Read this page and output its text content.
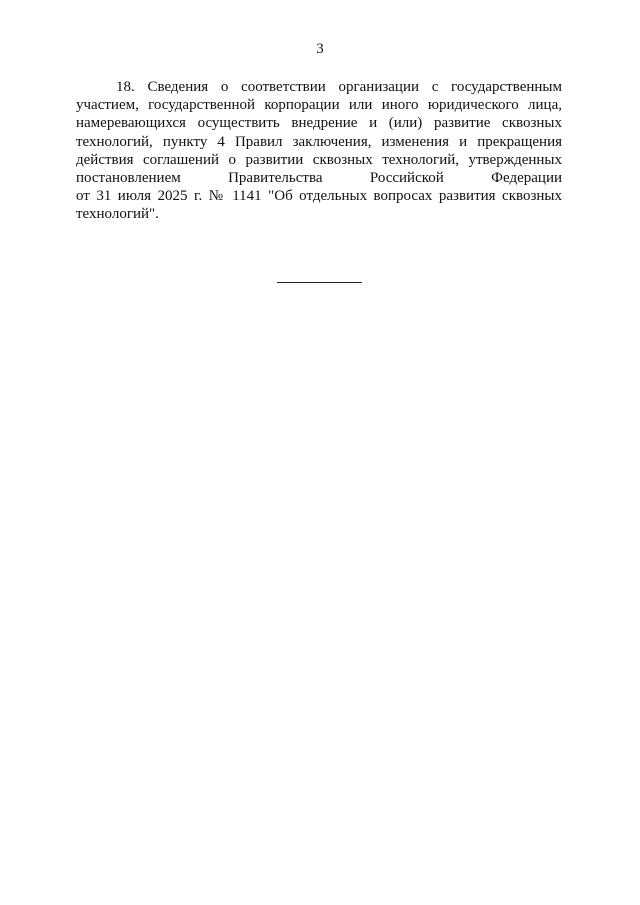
3

18. Сведения о соответствии организации с государственным
участием, государственной корпорации или иного юридического лица,
намеревающихся осуществить внедрение и (или) развитие сквозных
технологий, пункту 4 Правил заключения, изменения и прекращения
действия соглашений о развитии сквозных технологий, утвержденных
постановлением Правительства Российской Федерации
от 31 июля 2025 г. № 1141 "Об отдельных вопросах развития сквозных
технологий".
